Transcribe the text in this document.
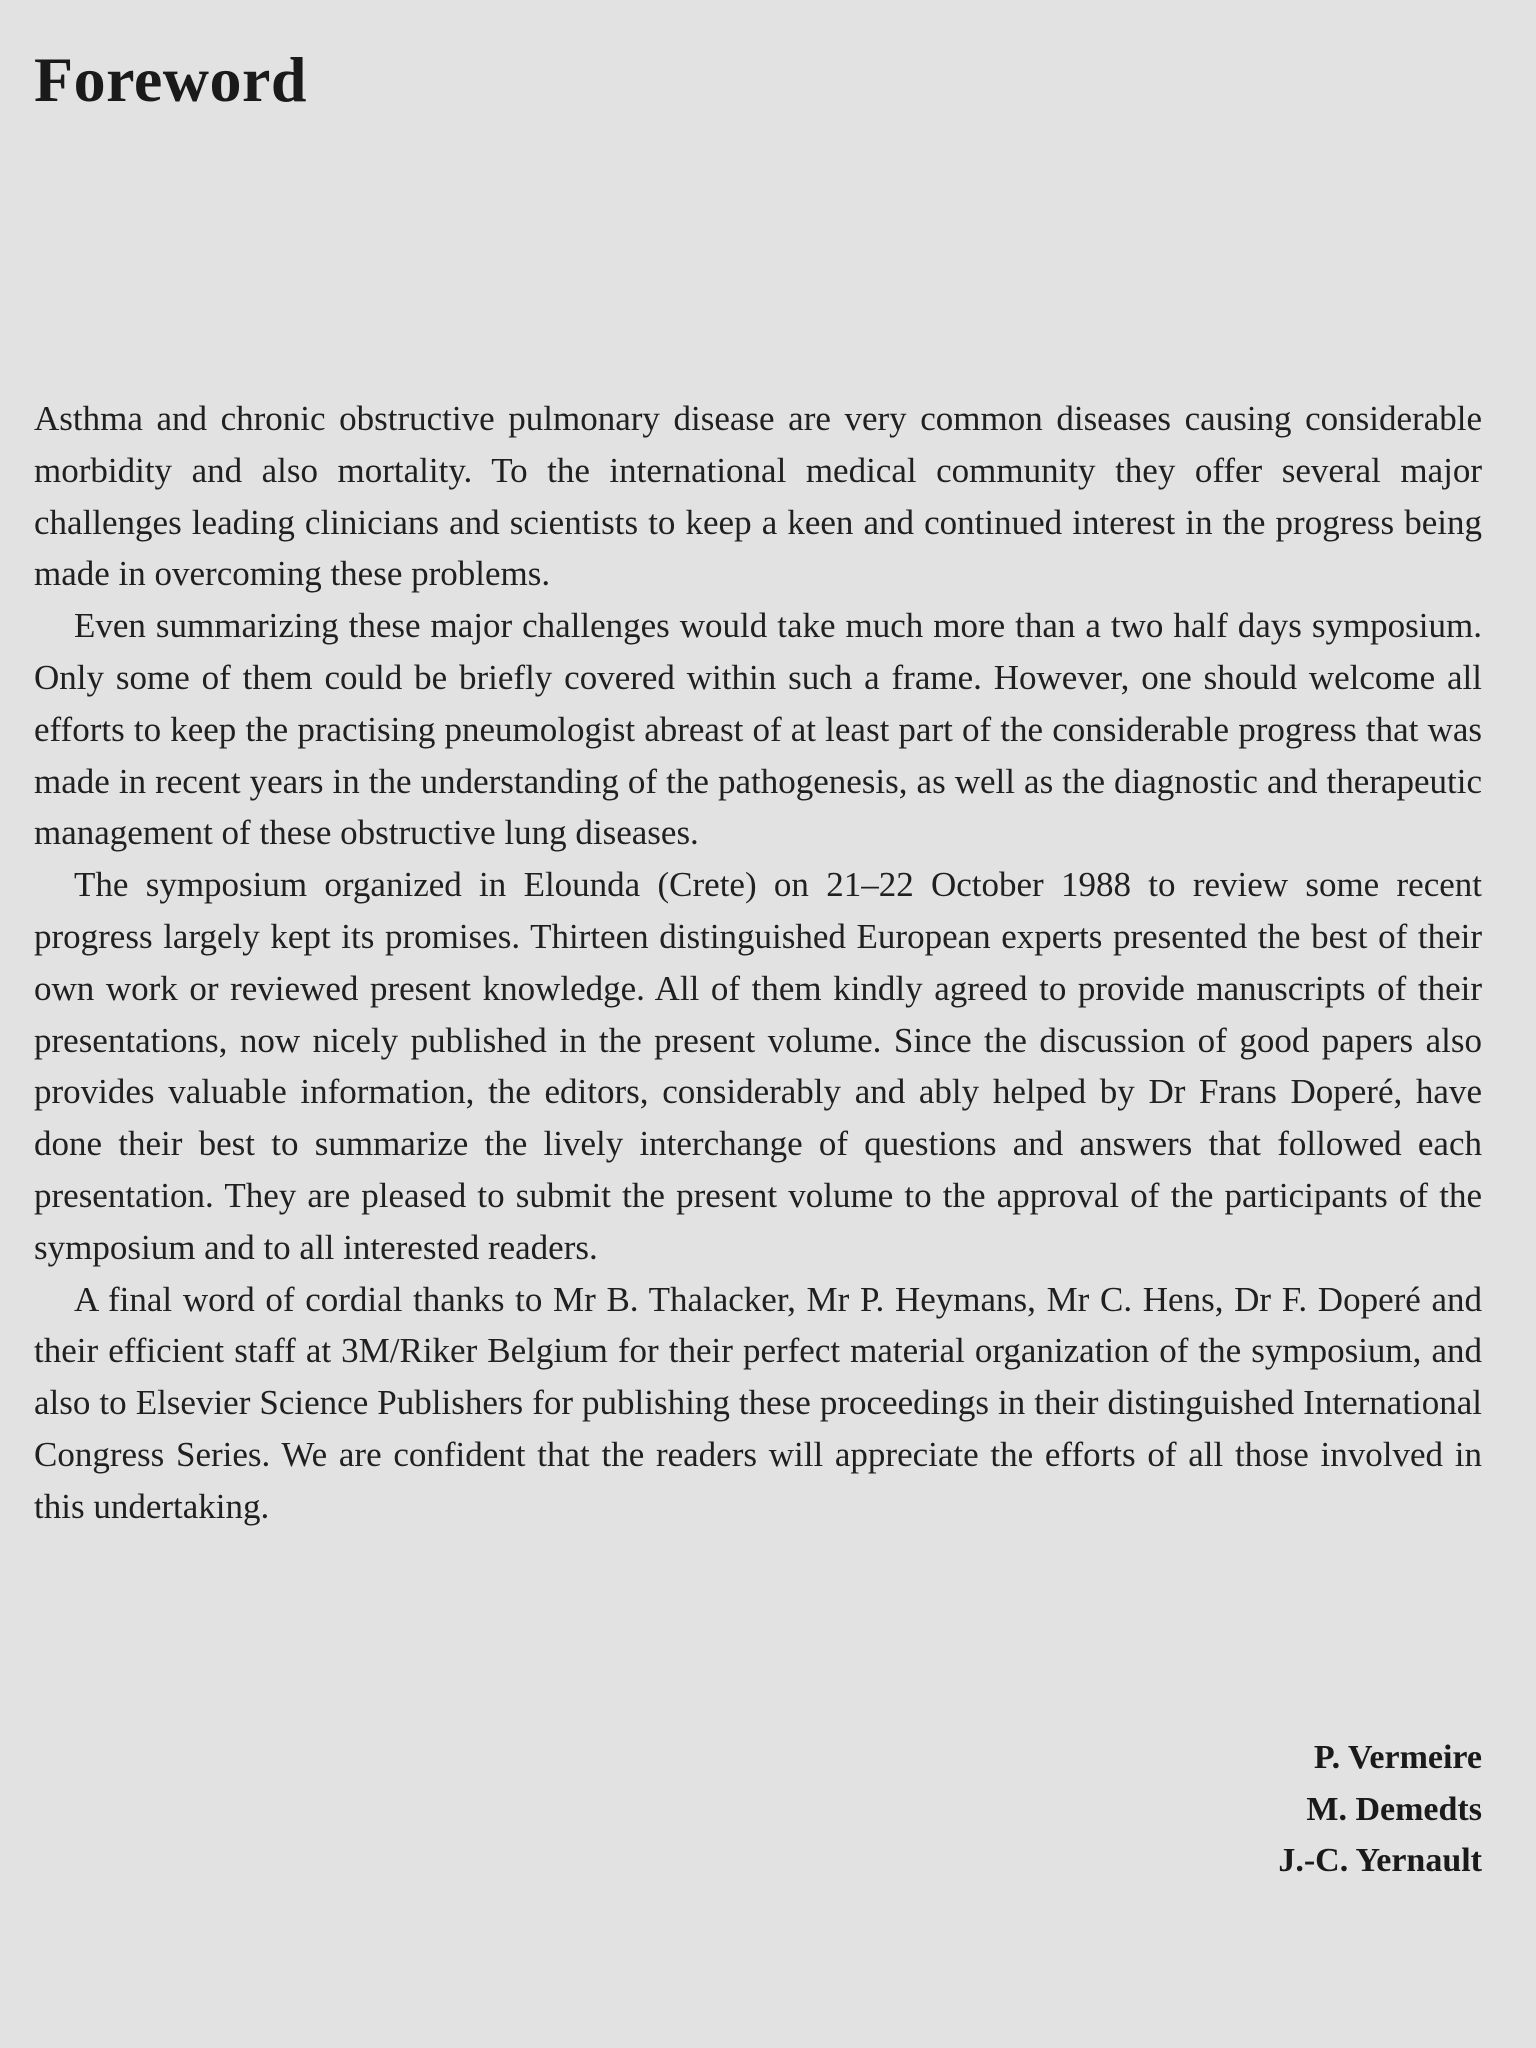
Foreword

Asthma and chronic obstructive pulmonary disease are very common diseases causing considerable morbidity and also mortality. To the international medical community they offer several major challenges leading clinicians and scientists to keep a keen and continued interest in the progress being made in overcoming these problems.

Even summarizing these major challenges would take much more than a two half days symposium. Only some of them could be briefly covered within such a frame. However, one should welcome all efforts to keep the practising pneumologist abreast of at least part of the considerable progress that was made in recent years in the understanding of the pathogenesis, as well as the diagnostic and therapeutic management of these obstructive lung diseases.

The symposium organized in Elounda (Crete) on 21–22 October 1988 to review some recent progress largely kept its promises. Thirteen distinguished European experts presented the best of their own work or reviewed present knowledge. All of them kindly agreed to provide manuscripts of their presentations, now nicely published in the present volume. Since the discussion of good papers also provides valuable information, the editors, considerably and ably helped by Dr Frans Doperé, have done their best to summarize the lively interchange of questions and answers that followed each presentation. They are pleased to submit the present volume to the approval of the participants of the symposium and to all interested readers.

A final word of cordial thanks to Mr B. Thalacker, Mr P. Heymans, Mr C. Hens, Dr F. Doperé and their efficient staff at 3M/Riker Belgium for their perfect material organization of the symposium, and also to Elsevier Science Publishers for publishing these proceedings in their distinguished International Congress Series. We are confident that the readers will appreciate the efforts of all those involved in this undertaking.

P. Vermeire
M. Demedts
J.-C. Yernault
